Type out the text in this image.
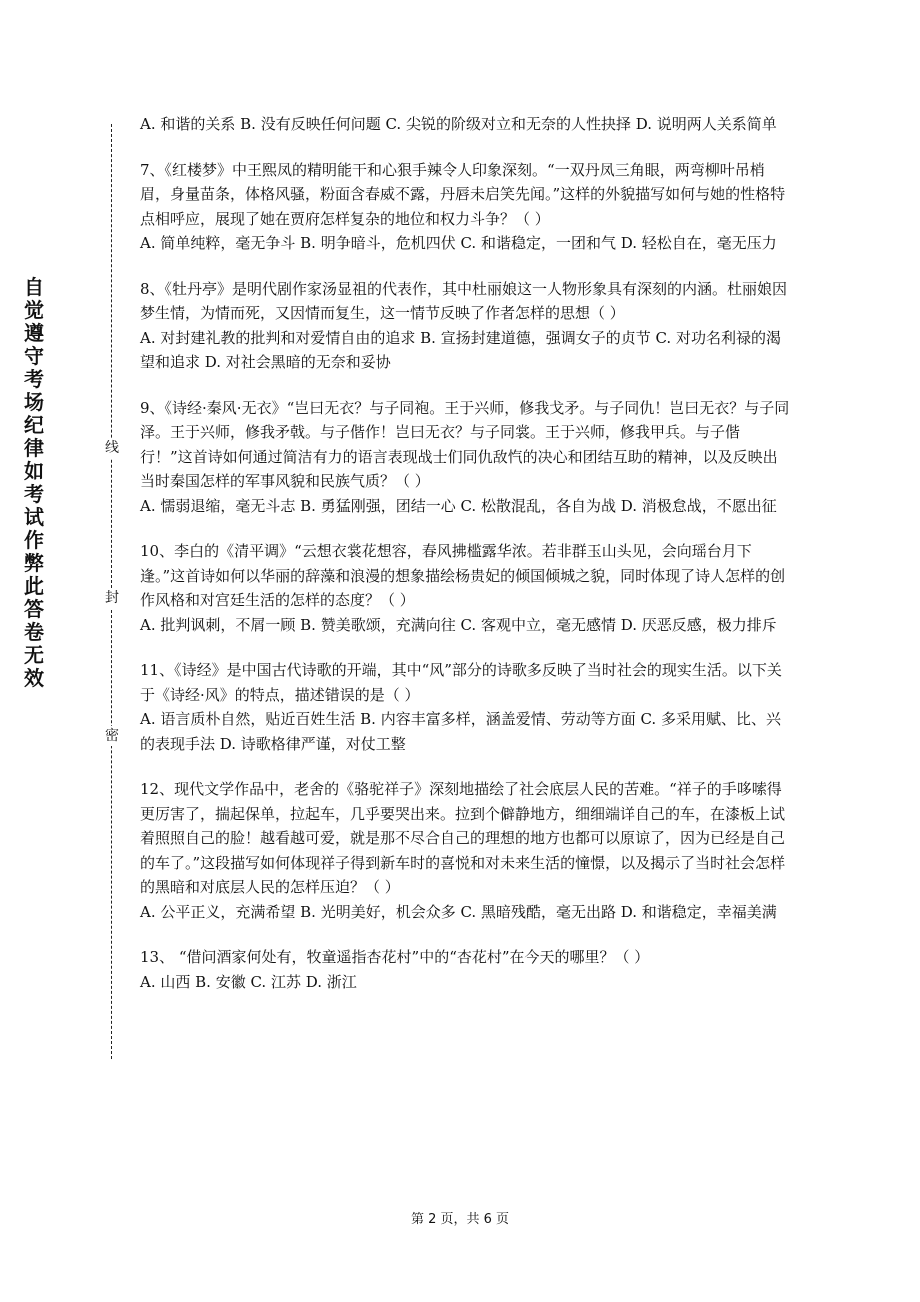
自觉遵守考场纪律如考试作弊此答卷无效
线
封
密

A. 和谐的关系 B. 没有反映任何问题 C. 尖锐的阶级对立和无奈的人性抉择 D. 说明两人关系简单

7、《红楼梦》中王熙凤的精明能干和心狠手辣令人印象深刻。“一双丹凤三角眼，两弯柳叶吊梢眉，身量苗条，体格风骚，粉面含春威不露，丹唇未启笑先闻。”这样的外貌描写如何与她的性格特点相呼应，展现了她在贾府怎样复杂的地位和权力斗争？（ ）

A. 简单纯粹，毫无争斗 B. 明争暗斗，危机四伏 C. 和谐稳定，一团和气 D. 轻松自在，毫无压力

8、《牡丹亭》是明代剧作家汤显祖的代表作，其中杜丽娘这一人物形象具有深刻的内涵。杜丽娘因梦生情，为情而死，又因情而复生，这一情节反映了作者怎样的思想（ ）

A. 对封建礼教的批判和对爱情自由的追求 B. 宣扬封建道德，强调女子的贞节 C. 对功名利禄的渴望和追求 D. 对社会黑暗的无奈和妥协

9、《诗经·秦风·无衣》“岂曰无衣？与子同袍。王于兴师，修我戈矛。与子同仇！岂曰无衣？与子同泽。王于兴师，修我矛戟。与子偕作！岂曰无衣？与子同裳。王于兴师，修我甲兵。与子偕行！”这首诗如何通过简洁有力的语言表现战士们同仇敌忾的决心和团结互助的精神，以及反映出当时秦国怎样的军事风貌和民族气质？（ ）

A. 懦弱退缩，毫无斗志 B. 勇猛刚强，团结一心 C. 松散混乱，各自为战 D. 消极怠战，不愿出征

10、李白的《清平调》“云想衣裳花想容，春风拂槛露华浓。若非群玉山头见，会向瑶台月下逢。”这首诗如何以华丽的辞藻和浪漫的想象描绘杨贵妃的倾国倾城之貌，同时体现了诗人怎样的创作风格和对宫廷生活的怎样的态度？（ ）

A. 批判讽刺，不屑一顾 B. 赞美歌颂，充满向往 C. 客观中立，毫无感情 D. 厌恶反感，极力排斥

11、《诗经》是中国古代诗歌的开端，其中“风”部分的诗歌多反映了当时社会的现实生活。以下关于《诗经·风》的特点，描述错误的是（ ）

A. 语言质朴自然，贴近百姓生活 B. 内容丰富多样，涵盖爱情、劳动等方面 C. 多采用赋、比、兴的表现手法 D. 诗歌格律严谨，对仗工整

12、现代文学作品中，老舍的《骆驼祥子》深刻地描绘了社会底层人民的苦难。“祥子的手哆嗦得更厉害了，揣起保单，拉起车，几乎要哭出来。拉到个僻静地方，细细端详自己的车，在漆板上试着照照自己的脸！越看越可爱，就是那不尽合自己的理想的地方也都可以原谅了，因为已经是自己的车了。”这段描写如何体现祥子得到新车时的喜悦和对未来生活的憧憬，以及揭示了当时社会怎样的黑暗和对底层人民的怎样压迫？（ ）

A. 公平正义，充满希望 B. 光明美好，机会众多 C. 黑暗残酷，毫无出路 D. 和谐稳定，幸福美满

13、 “借问酒家何处有，牧童遥指杏花村”中的“杏花村”在今天的哪里？（ ）

A. 山西 B. 安徽 C. 江苏 D. 浙江

第 2 页，共 6 页
